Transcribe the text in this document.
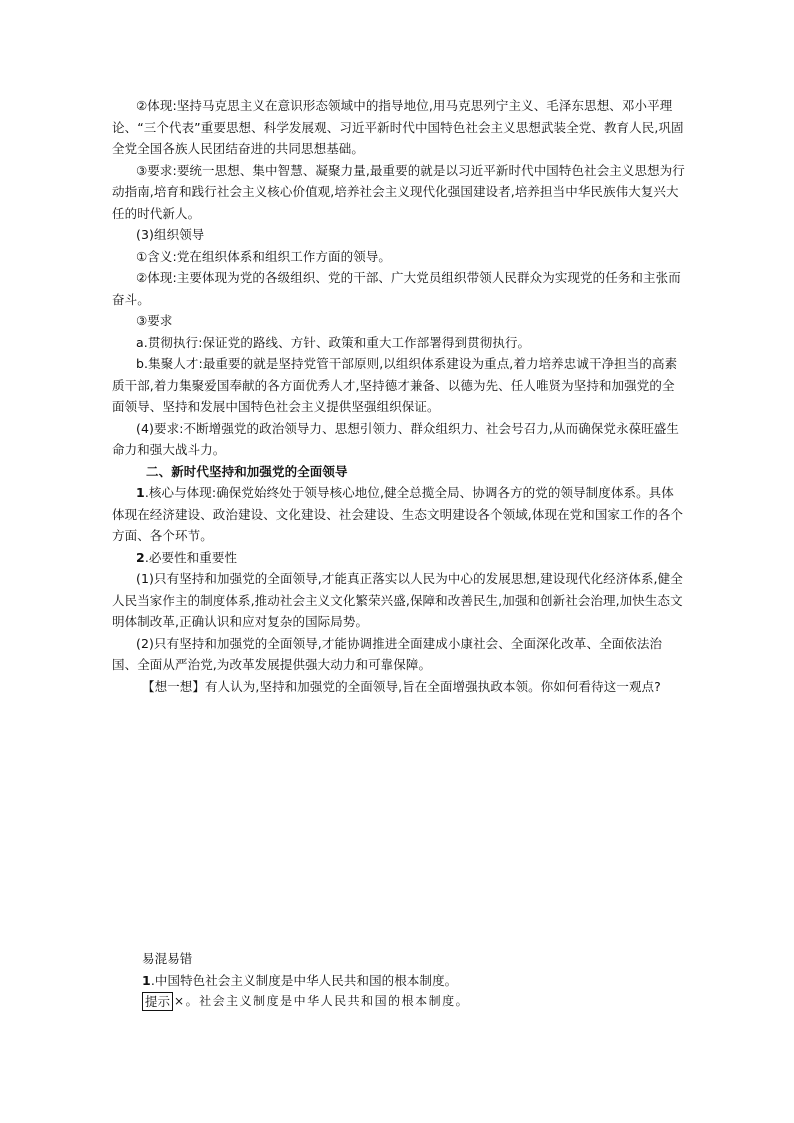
②体现:坚持马克思主义在意识形态领域中的指导地位,用马克思列宁主义、毛泽东思想、邓小平理论、“三个代表”重要思想、科学发展观、习近平新时代中国特色社会主义思想武装全党、教育人民,巩固全党全国各族人民团结奋进的共同思想基础。

③要求:要统一思想、集中智慧、凝聚力量,最重要的就是以习近平新时代中国特色社会主义思想为行动指南,培育和践行社会主义核心价值观,培养社会主义现代化强国建设者,培养担当中华民族伟大复兴大任的时代新人。

(3)组织领导

①含义:党在组织体系和组织工作方面的领导。

②体现:主要体现为党的各级组织、党的干部、广大党员组织带领人民群众为实现党的任务和主张而奋斗。

③要求

a.贯彻执行:保证党的路线、方针、政策和重大工作部署得到贯彻执行。

b.集聚人才:最重要的就是坚持党管干部原则,以组织体系建设为重点,着力培养忠诚干净担当的高素质干部,着力集聚爱国奉献的各方面优秀人才,坚持德才兼备、以德为先、任人唯贤为坚持和加强党的全面领导、坚持和发展中国特色社会主义提供坚强组织保证。

(4)要求:不断增强党的政治领导力、思想引领力、群众组织力、社会号召力,从而确保党永葆旺盛生命力和强大战斗力。

二、新时代坚持和加强党的全面领导

1.核心与体现:确保党始终处于领导核心地位,健全总揽全局、协调各方的党的领导制度体系。具体体现在经济建设、政治建设、文化建设、社会建设、生态文明建设各个领域,体现在党和国家工作的各个方面、各个环节。

2.必要性和重要性

(1)只有坚持和加强党的全面领导,才能真正落实以人民为中心的发展思想,建设现代化经济体系,健全人民当家作主的制度体系,推动社会主义文化繁荣兴盛,保障和改善民生,加强和创新社会治理,加快生态文明体制改革,正确认识和应对复杂的国际局势。

(2)只有坚持和加强党的全面领导,才能协调推进全面建成小康社会、全面深化改革、全面依法治国、全面从严治党,为改革发展提供强大动力和可靠保障。

【想一想】有人认为,坚持和加强党的全面领导,旨在全面增强执政本领。你如何看待这一观点?

易混易错

1.中国特色社会主义制度是中华人民共和国的根本制度。

提示 ×。社会主义制度是中华人民共和国的根本制度。
